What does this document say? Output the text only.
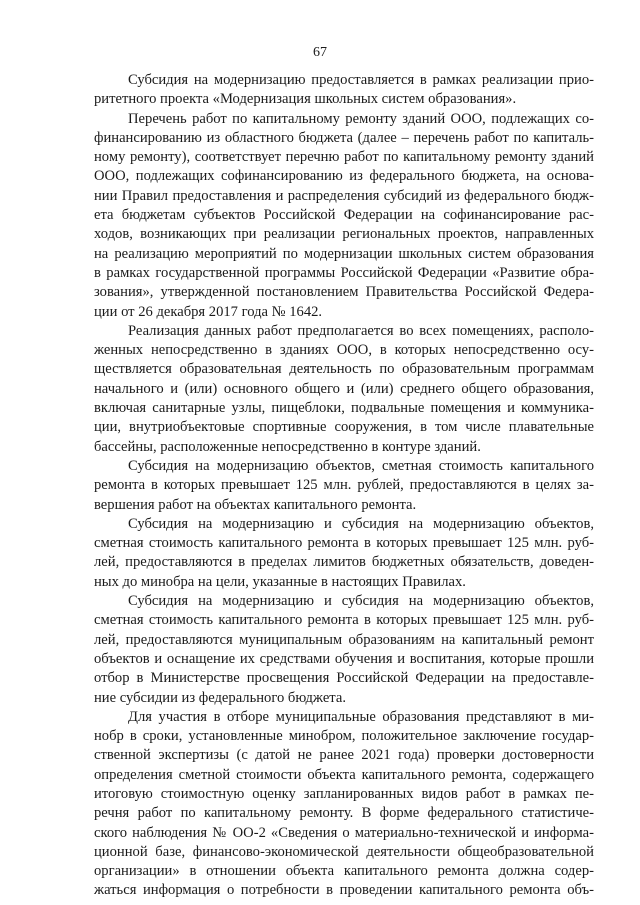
67

Субсидия на модернизацию предоставляется в рамках реализации прио-
ритетного проекта «Модернизация школьных систем образования».

Перечень работ по капитальному ремонту зданий ООО, подлежащих со-
финансированию из областного бюджета (далее – перечень работ по капиталь-
ному ремонту), соответствует перечню работ по капитальному ремонту зданий
ООО, подлежащих софинансированию из федерального бюджета, на основа-
нии Правил предоставления и распределения субсидий из федерального бюдж-
ета бюджетам субъектов Российской Федерации на софинансирование рас-
ходов, возникающих при реализации региональных проектов, направленных
на реализацию мероприятий по модернизации школьных систем образования
в рамках государственной программы Российской Федерации «Развитие обра-
зования», утвержденной постановлением Правительства Российской Федера-
ции от 26 декабря 2017 года № 1642.

Реализация данных работ предполагается во всех помещениях, располо-
женных непосредственно в зданиях ООО, в которых непосредственно осу-
ществляется образовательная деятельность по образовательным программам
начального и (или) основного общего и (или) среднего общего образования,
включая санитарные узлы, пищеблоки, подвальные помещения и коммуника-
ции, внутриобъектовые спортивные сооружения, в том числе плавательные
бассейны, расположенные непосредственно в контуре зданий.

Субсидия на модернизацию объектов, сметная стоимость капитального
ремонта в которых превышает 125 млн. рублей, предоставляются в целях за-
вершения работ на объектах капитального ремонта.

Субсидия на модернизацию и субсидия на модернизацию объектов,
сметная стоимость капитального ремонта в которых превышает 125 млн. руб-
лей, предоставляются в пределах лимитов бюджетных обязательств, доведен-
ных до минобра на цели, указанные в настоящих Правилах.

Субсидия на модернизацию и субсидия на модернизацию объектов,
сметная стоимость капитального ремонта в которых превышает 125 млн. руб-
лей, предоставляются муниципальным образованиям на капитальный ремонт
объектов и оснащение их средствами обучения и воспитания, которые прошли
отбор в Министерстве просвещения Российской Федерации на предоставле-
ние субсидии из федерального бюджета.

Для участия в отборе муниципальные образования представляют в ми-
нобр в сроки, установленные минобром, положительное заключение государ-
ственной экспертизы (с датой не ранее 2021 года) проверки достоверности
определения сметной стоимости объекта капитального ремонта, содержащего
итоговую стоимостную оценку запланированных видов работ в рамках пе-
речня работ по капитальному ремонту. В форме федерального статистиче-
ского наблюдения № ОО-2 «Сведения о материально-технической и информа-
ционной базе, финансово-экономической деятельности общеобразовательной
организации» в отношении объекта капитального ремонта должна содер-
жаться информация о потребности в проведении капитального ремонта объ-
